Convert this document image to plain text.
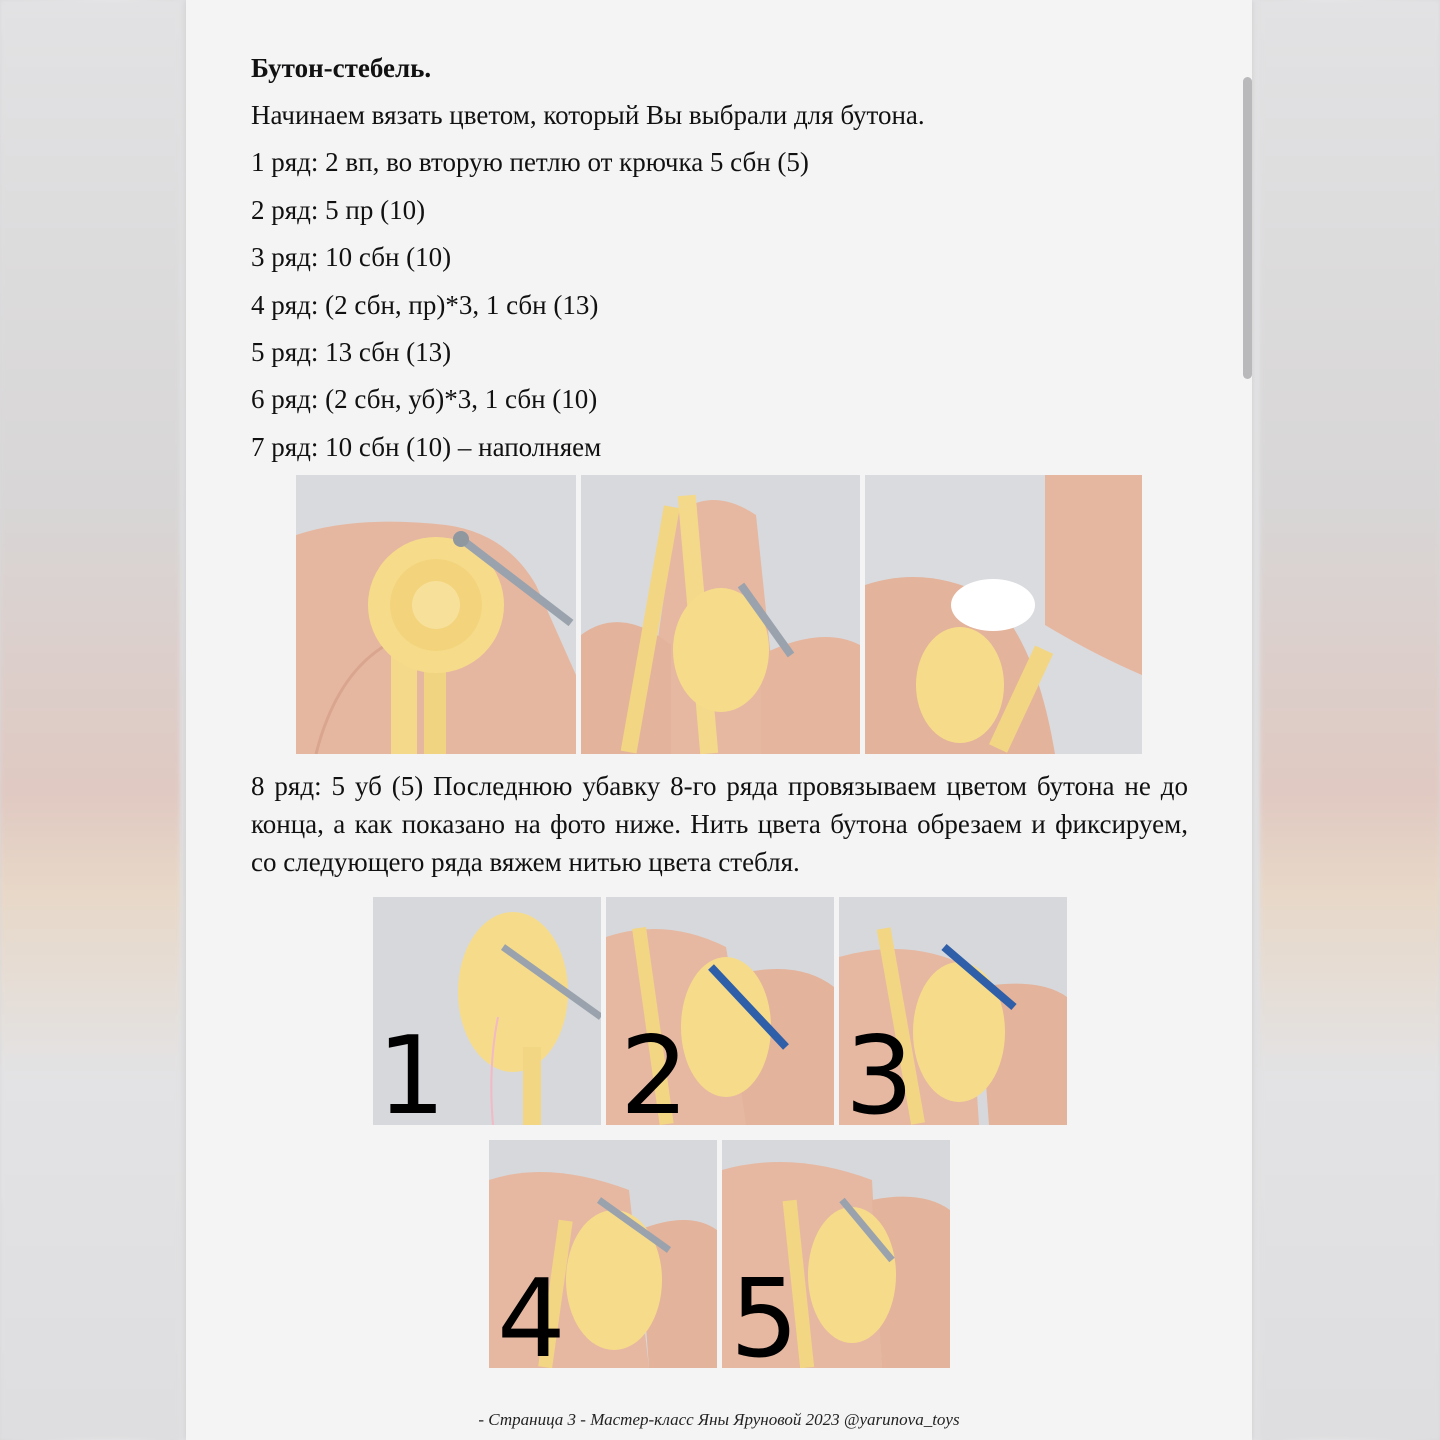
Бутон-стебель.
Начинаем вязать цветом, который Вы выбрали для бутона.
1 ряд: 2 вп, во вторую петлю от крючка 5 сбн (5)
2 ряд: 5 пр (10)
3 ряд: 10 сбн (10)
4 ряд: (2 сбн, пр)*3, 1 сбн (13)
5 ряд: 13 сбн (13)
6 ряд: (2 сбн, уб)*3, 1 сбн (10)
7 ряд: 10 сбн (10) – наполняем
8 ряд: 5 уб (5) Последнюю убавку 8-го ряда провязываем цветом бутона не до конца, а как показано на фото ниже. Нить цвета бутона обрезаем и фиксируем, со следующего ряда вяжем нитью цвета стебля.
1 2 3
4 5
- Страница 3 - Мастер-класс Яны Яруновой 2023 @yarunova_toys
